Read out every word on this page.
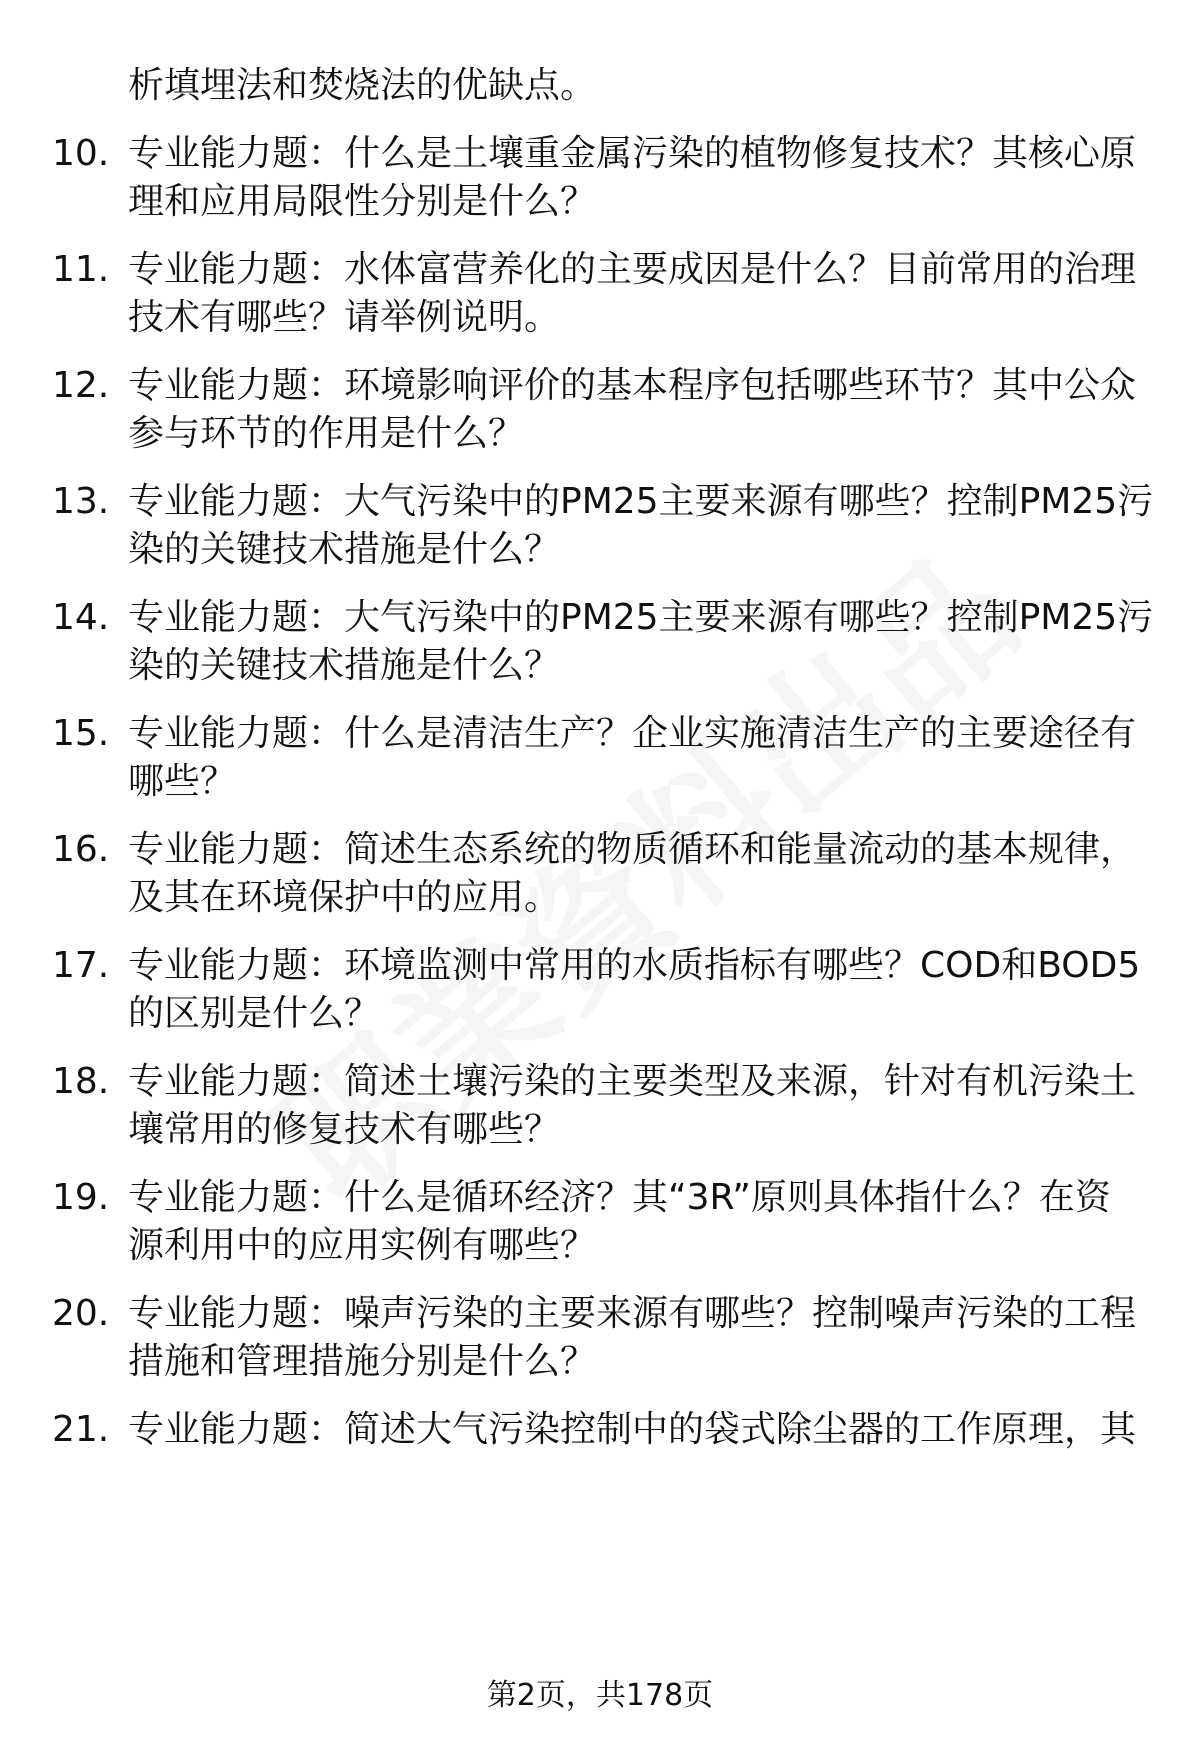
析填埋法和焚烧法的优缺点。
10. 专业能力题：什么是土壤重金属污染的植物修复技术？其核心原
理和应用局限性分别是什么？
11. 专业能力题：水体富营养化的主要成因是什么？目前常用的治理
技术有哪些？请举例说明。
12. 专业能力题：环境影响评价的基本程序包括哪些环节？其中公众
参与环节的作用是什么？
13. 专业能力题：大气污染中的PM25主要来源有哪些？控制PM25污
染的关键技术措施是什么？
14. 专业能力题：大气污染中的PM25主要来源有哪些？控制PM25污
染的关键技术措施是什么？
15. 专业能力题：什么是清洁生产？企业实施清洁生产的主要途径有
哪些？
16. 专业能力题：简述生态系统的物质循环和能量流动的基本规律，
及其在环境保护中的应用。
17. 专业能力题：环境监测中常用的水质指标有哪些？COD和BOD5
的区别是什么？
18. 专业能力题：简述土壤污染的主要类型及来源，针对有机污染土
壤常用的修复技术有哪些？
19. 专业能力题：什么是循环经济？其“3R”原则具体指什么？在资
源利用中的应用实例有哪些？
20. 专业能力题：噪声污染的主要来源有哪些？控制噪声污染的工程
措施和管理措施分别是什么？
21. 专业能力题：简述大气污染控制中的袋式除尘器的工作原理，其
第2页，共178页
